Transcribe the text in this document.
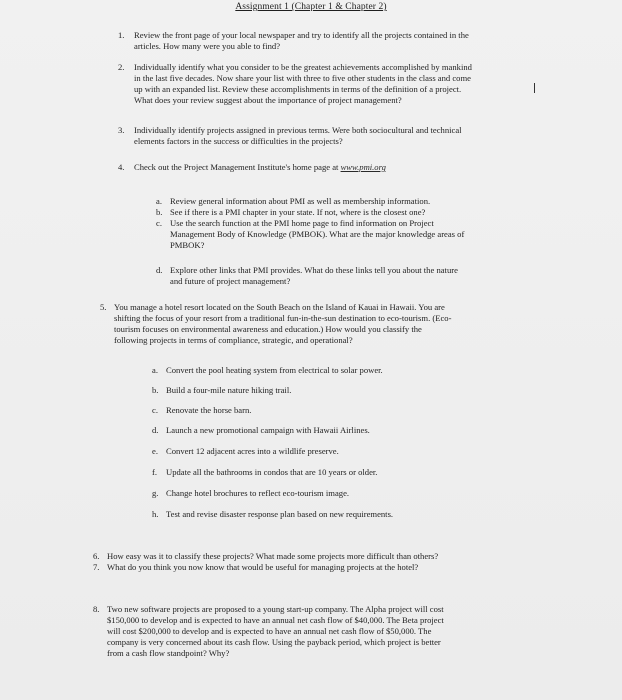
Assignment 1 (Chapter 1 & Chapter 2)
1. Review the front page of your local newspaper and try to identify all the projects contained in the
articles. How many were you able to find?
2. Individually identify what you consider to be the greatest achievements accomplished by mankind
in the last five decades. Now share your list with three to five other students in the class and come
up with an expanded list. Review these accomplishments in terms of the definition of a project.
What does your review suggest about the importance of project management?
3. Individually identify projects assigned in previous terms. Were both sociocultural and technical
elements factors in the success or difficulties in the projects?
4. Check out the Project Management Institute's home page at www.pmi.org
a. Review general information about PMI as well as membership information.
b. See if there is a PMI chapter in your state. If not, where is the closest one?
c. Use the search function at the PMI home page to find information on Project
Management Body of Knowledge (PMBOK). What are the major knowledge areas of
PMBOK?
d. Explore other links that PMI provides. What do these links tell you about the nature
and future of project management?
5. You manage a hotel resort located on the South Beach on the Island of Kauai in Hawaii. You are
shifting the focus of your resort from a traditional fun-in-the-sun destination to eco-tourism. (Eco-
tourism focuses on environmental awareness and education.) How would you classify the
following projects in terms of compliance, strategic, and operational?
a. Convert the pool heating system from electrical to solar power.
b. Build a four-mile nature hiking trail.
c. Renovate the horse barn.
d. Launch a new promotional campaign with Hawaii Airlines.
e. Convert 12 adjacent acres into a wildlife preserve.
f. Update all the bathrooms in condos that are 10 years or older.
g. Change hotel brochures to reflect eco-tourism image.
h. Test and revise disaster response plan based on new requirements.
6. How easy was it to classify these projects? What made some projects more difficult than others?
7. What do you think you now know that would be useful for managing projects at the hotel?
8. Two new software projects are proposed to a young start-up company. The Alpha project will cost
$150,000 to develop and is expected to have an annual net cash flow of $40,000. The Beta project
will cost $200,000 to develop and is expected to have an annual net cash flow of $50,000. The
company is very concerned about its cash flow. Using the payback period, which project is better
from a cash flow standpoint? Why?
